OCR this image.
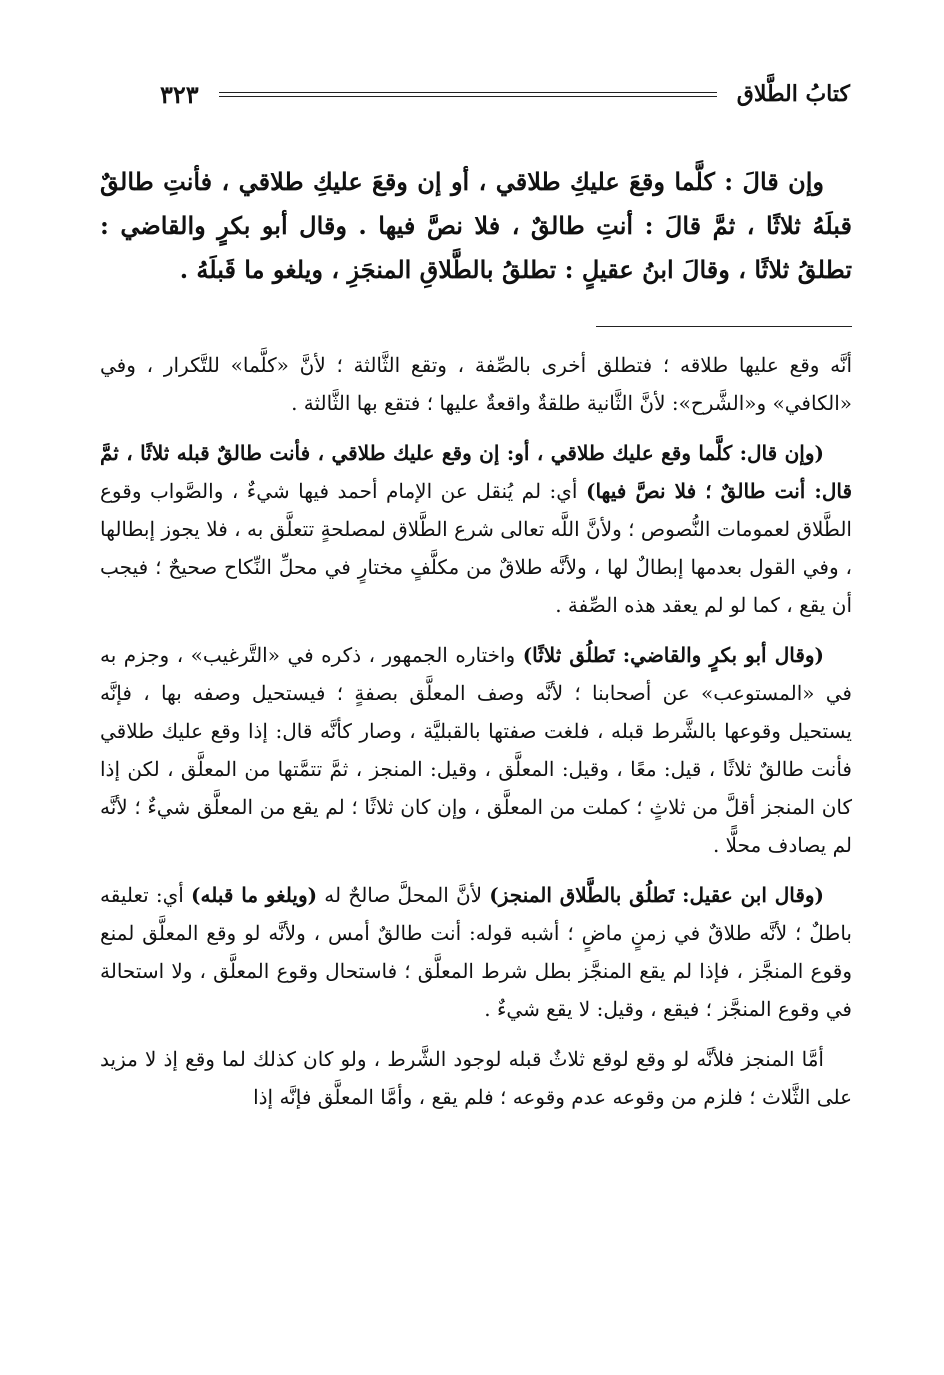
كتابُ الطَّلاق
٣٢٣

وإن قالَ : كلَّما وقعَ عليكِ طلاقي ، أو إن وقعَ عليكِ طلاقي ، فأنتِ طالقٌ قبلَهُ ثلاثًا ، ثمَّ قالَ : أنتِ طالقٌ ، فلا نصَّ فيها . وقال أبو بكرٍ والقاضي : تطلقُ ثلاثًا ، وقالَ ابنُ عقيلٍ : تطلقُ بالطَّلاقِ المنجَزِ ، ويلغو ما قَبلَهُ .

أنَّه وقع عليها طلاقه ؛ فتطلق أخرى بالصِّفة ، وتقع الثَّالثة ؛ لأنَّ «كلَّما» للتَّكرار ، وفي «الكافي» و«الشَّرح»: لأنَّ الثَّانية طلقةٌ واقعةٌ عليها ؛ فتقع بها الثَّالثة .

(وإن قال: كلَّما وقع عليك طلاقي ، أو: إن وقع عليك طلاقي ، فأنت طالقٌ قبله ثلاثًا ، ثمَّ قال: أنت طالقٌ ؛ فلا نصَّ فيها) أي: لم يُنقل عن الإمام أحمد فيها شيءٌ ، والصَّواب وقوع الطَّلاق لعمومات النُّصوص ؛ ولأنَّ اللَّه تعالى شرع الطَّلاق لمصلحةٍ تتعلَّق به ، فلا يجوز إبطالها ، وفي القول بعدمها إبطالٌ لها ، ولأنَّه طلاقٌ من مكلَّفٍ مختارٍ في محلِّ النِّكاح صحيحٌ ؛ فيجب أن يقع ، كما لو لم يعقد هذه الصِّفة .

(وقال أبو بكرٍ والقاضي: تَطلُق ثلاثًا) واختاره الجمهور ، ذكره في «التَّرغيب» ، وجزم به في «المستوعب» عن أصحابنا ؛ لأنَّه وصف المعلَّق بصفةٍ ؛ فيستحيل وصفه بها ، فإنَّه يستحيل وقوعها بالشَّرط قبله ، فلغت صفتها بالقبليَّة ، وصار كأنَّه قال: إذا وقع عليك طلاقي فأنت طالقٌ ثلاثًا ، قيل: معًا ، وقيل: المعلَّق ، وقيل: المنجز ، ثمَّ تتمَّتها من المعلَّق ، لكن إذا كان المنجز أقلَّ من ثلاثٍ ؛ كملت من المعلَّق ، وإن كان ثلاثًا ؛ لم يقع من المعلَّق شيءٌ ؛ لأنَّه لم يصادف محلًّا .

(وقال ابن عقيل: تَطلُق بالطَّلاق المنجز) لأنَّ المحلَّ صالحٌ له (ويلغو ما قبله) أي: تعليقه باطلٌ ؛ لأنَّه طلاقٌ في زمنٍ ماضٍ ؛ أشبه قوله: أنت طالقٌ أمس ، ولأنَّه لو وقع المعلَّق لمنع وقوع المنجَّز ، فإذا لم يقع المنجَّز بطل شرط المعلَّق ؛ فاستحال وقوع المعلَّق ، ولا استحالة في وقوع المنجَّز ؛ فيقع ، وقيل: لا يقع شيءٌ .

أمَّا المنجز فلأنَّه لو وقع لوقع ثلاثٌ قبله لوجود الشَّرط ، ولو كان كذلك لما وقع إذ لا مزيد على الثَّلاث ؛ فلزم من وقوعه عدم وقوعه ؛ فلم يقع ، وأمَّا المعلَّق فإنَّه إذا
